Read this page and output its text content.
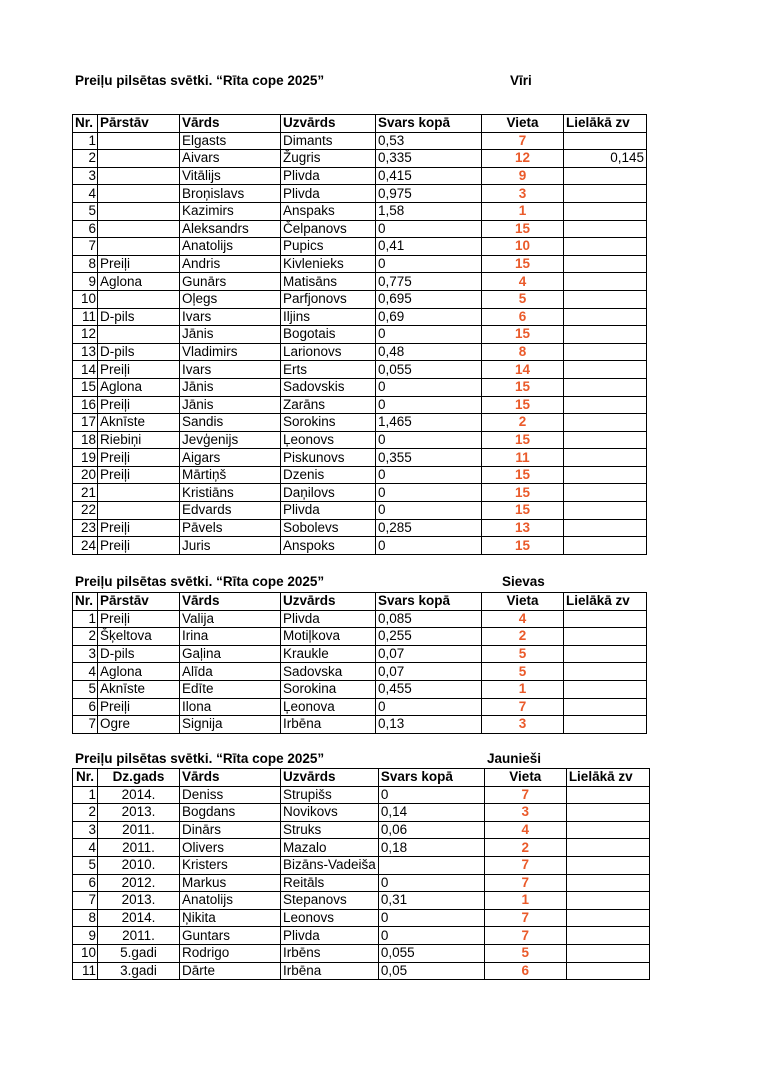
Preiļu pilsētas svētki. “Rīta cope 2025”	Vīri
Nr.	Pārstāv	Vārds	Uzvārds	Svars kopā	Vieta	Lielākā zv
1		Elgasts	Dimants	0,53	7	
2		Aivars	Žugris	0,335	12	0,145
3		Vitālijs	Plivda	0,415	9	
4		Broņislavs	Plivda	0,975	3	
5		Kazimirs	Anspaks	1,58	1	
6		Aleksandrs	Čelpanovs	0	15	
7		Anatolijs	Pupics	0,41	10	
8	Preiļi	Andris	Kivlenieks	0	15	
9	Aglona	Gunārs	Matisāns	0,775	4	
10		Oļegs	Parfjonovs	0,695	5	
11	D-pils	Ivars	Iljins	0,69	6	
12		Jānis	Bogotais	0	15	
13	D-pils	Vladimirs	Larionovs	0,48	8	
14	Preiļi	Ivars	Erts	0,055	14	
15	Aglona	Jānis	Sadovskis	0	15	
16	Preiļi	Jānis	Zarāns	0	15	
17	Aknīste	Sandis	Sorokins	1,465	2	
18	Riebiņi	Jevģenijs	Ļeonovs	0	15	
19	Preiļi	Aigars	Piskunovs	0,355	11	
20	Preiļi	Mārtiņš	Dzenis	0	15	
21		Kristiāns	Daņilovs	0	15	
22		Edvards	Plivda	0	15	
23	Preiļi	Pāvels	Sobolevs	0,285	13	
24	Preiļi	Juris	Anspoks	0	15	
Preiļu pilsētas svētki. “Rīta cope 2025”	Sievas
Nr.	Pārstāv	Vārds	Uzvārds	Svars kopā	Vieta	Lielākā zv
1	Preiļi	Valija	Plivda	0,085	4	
2	Šķeltova	Irina	Motiļkova	0,255	2	
3	D-pils	Gaļina	Kraukle	0,07	5	
4	Aglona	Alīda	Sadovska	0,07	5	
5	Aknīste	Edīte	Sorokina	0,455	1	
6	Preiļi	Ilona	Ļeonova	0	7	
7	Ogre	Signija	Irbēna	0,13	3	
Preiļu pilsētas svētki. “Rīta cope 2025”	Jaunieši
Nr.	Dz.gads	Vārds	Uzvārds	Svars kopā	Vieta	Lielākā zv
1	2014.	Deniss	Strupišs	0	7	
2	2013.	Bogdans	Novikovs	0,14	3	
3	2011.	Dinārs	Struks	0,06	4	
4	2011.	Olivers	Mazalo	0,18	2	
5	2010.	Kristers	Bizāns-Vadeiša		7	
6	2012.	Markus	Reitāls	0	7	
7	2013.	Anatolijs	Stepanovs	0,31	1	
8	2014.	Ņikita	Leonovs	0	7	
9	2011.	Guntars	Plivda	0	7	
10	5.gadi	Rodrigo	Irbēns	0,055	5	
11	3.gadi	Dārte	Irbēna	0,05	6	
